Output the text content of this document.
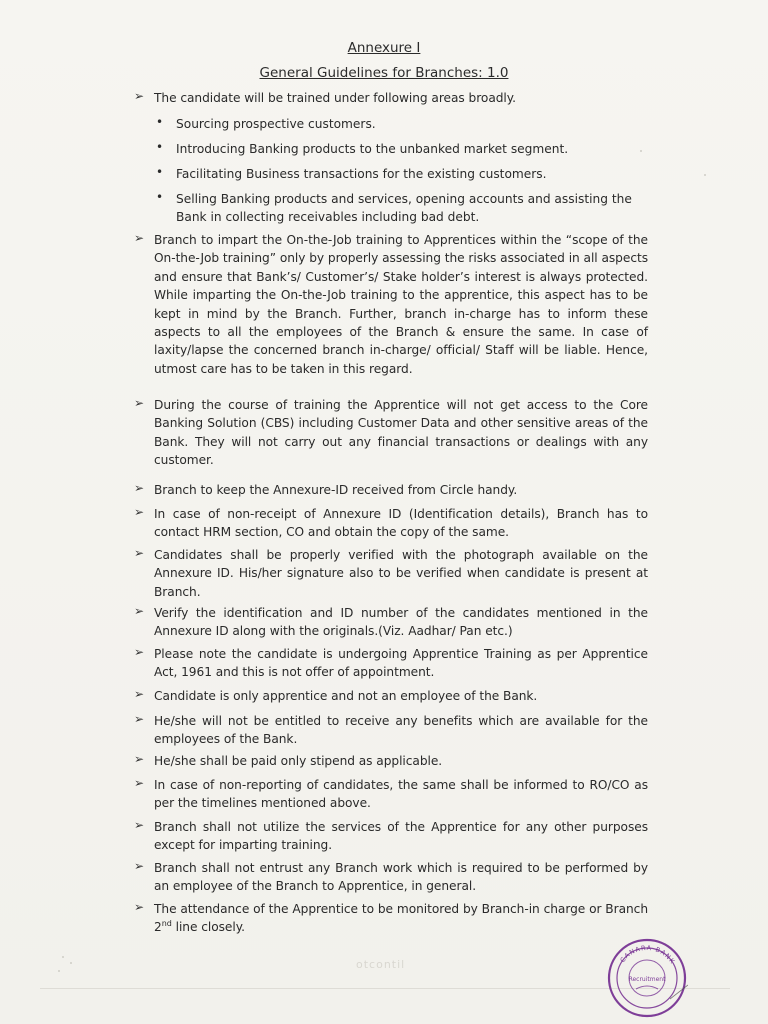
Annexure I
General Guidelines for Branches: 1.0
➢ The candidate will be trained under following areas broadly.
• Sourcing prospective customers.
• Introducing Banking products to the unbanked market segment.
• Facilitating Business transactions for the existing customers.
• Selling Banking products and services, opening accounts and assisting the Bank in collecting receivables including bad debt.
➢ Branch to impart the On-the-Job training to Apprentices within the “scope of the On-the-Job training” only by properly assessing the risks associated in all aspects and ensure that Bank’s/ Customer’s/ Stake holder’s interest is always protected. While imparting the On-the-Job training to the apprentice, this aspect has to be kept in mind by the Branch. Further, branch in-charge has to inform these aspects to all the employees of the Branch & ensure the same. In case of laxity/lapse the concerned branch in-charge/ official/ Staff will be liable. Hence, utmost care has to be taken in this regard.
➢ During the course of training the Apprentice will not get access to the Core Banking Solution (CBS) including Customer Data and other sensitive areas of the Bank. They will not carry out any financial transactions or dealings with any customer.
➢ Branch to keep the Annexure-ID received from Circle handy.
➢ In case of non-receipt of Annexure ID (Identification details), Branch has to contact HRM section, CO and obtain the copy of the same.
➢ Candidates shall be properly verified with the photograph available on the Annexure ID. His/her signature also to be verified when candidate is present at Branch.
➢ Verify the identification and ID number of the candidates mentioned in the Annexure ID along with the originals.(Viz. Aadhar/ Pan etc.)
➢ Please note the candidate is undergoing Apprentice Training as per Apprentice Act, 1961 and this is not offer of appointment.
➢ Candidate is only apprentice and not an employee of the Bank.
➢ He/she will not be entitled to receive any benefits which are available for the employees of the Bank.
➢ He/she shall be paid only stipend as applicable.
➢ In case of non-reporting of candidates, the same shall be informed to RO/CO as per the timelines mentioned above.
➢ Branch shall not utilize the services of the Apprentice for any other purposes except for imparting training.
➢ Branch shall not entrust any Branch work which is required to be performed by an employee of the Branch to Apprentice, in general.
➢ The attendance of the Apprentice to be monitored by Branch-in charge or Branch 2nd line closely.
otcontil	CANARA BANK
Recruitment
